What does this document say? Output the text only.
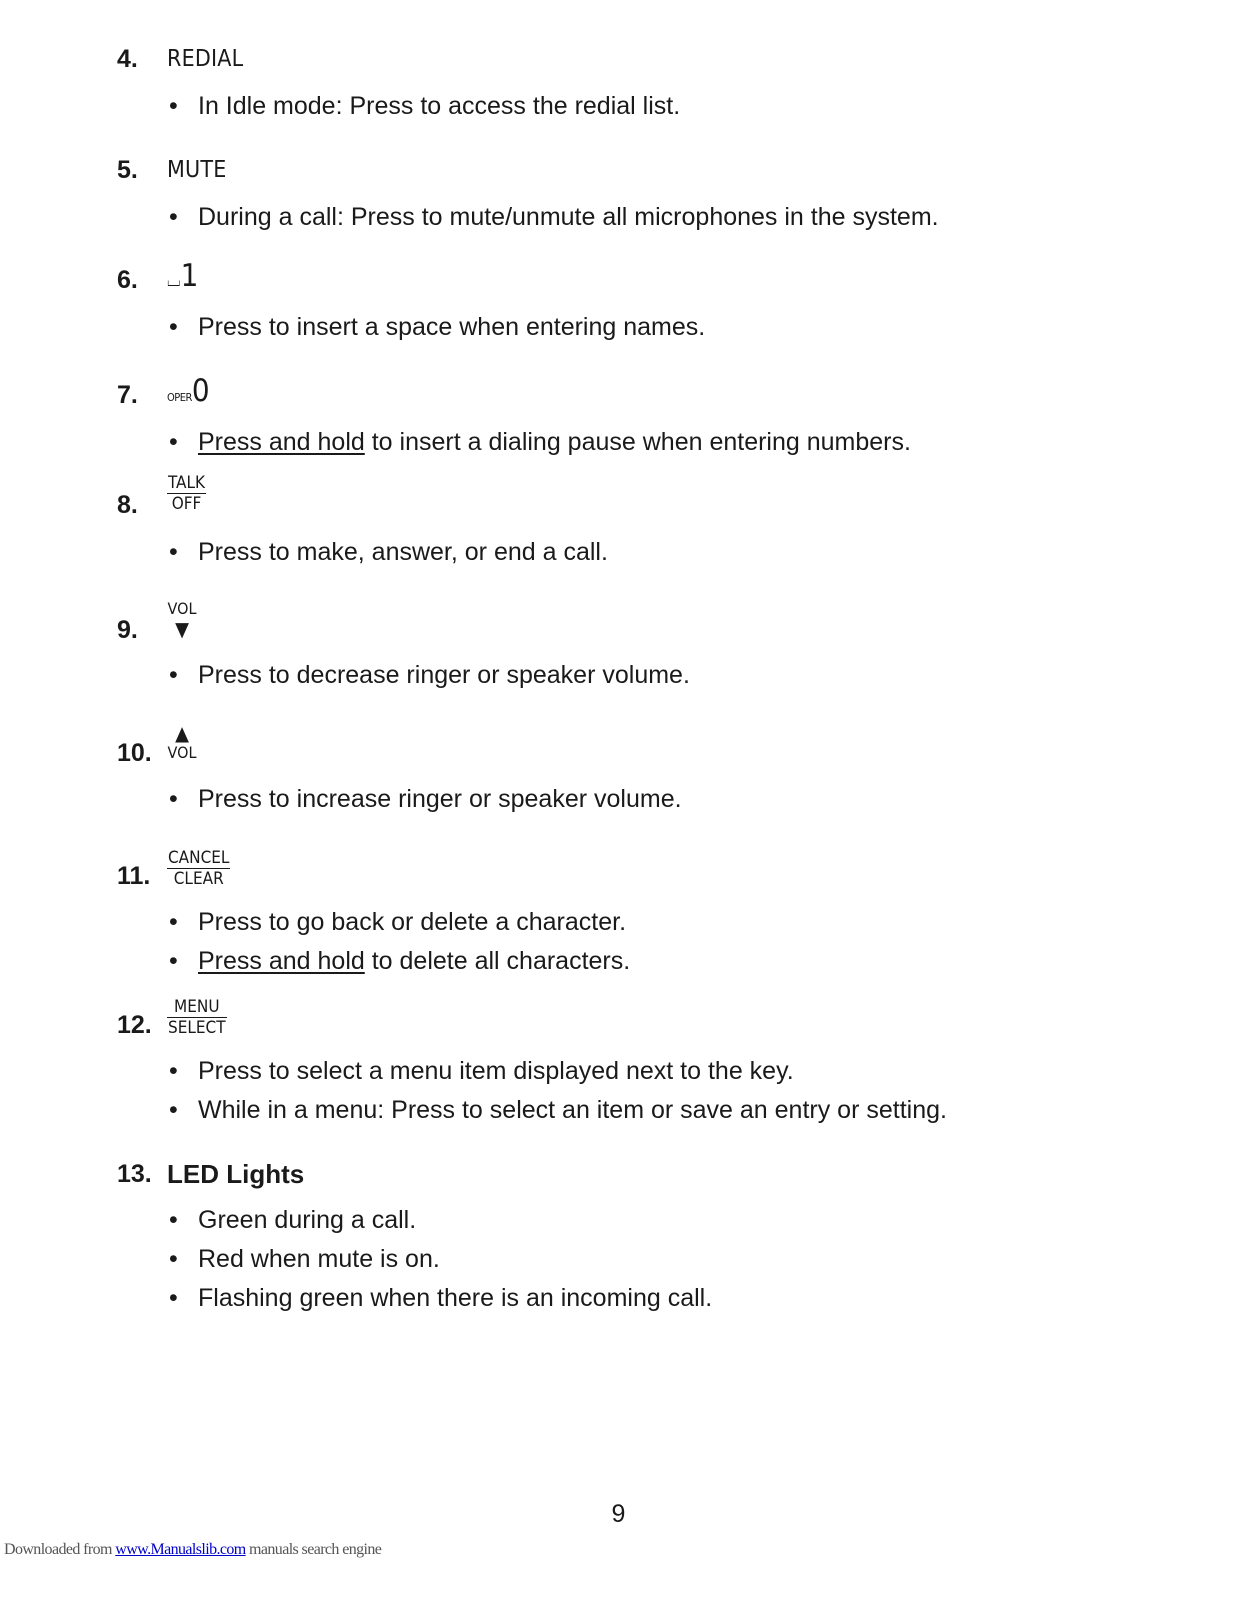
4. REDIAL
• In Idle mode: Press to access the redial list.
5. MUTE
• During a call: Press to mute/unmute all microphones in the system.
6. ⌴1
• Press to insert a space when entering names.
7.	OPER0
• Press and hold to insert a dialing pause when entering numbers.
8. $\frac{\text{TALK}}{\text{OFF}}$
• Press to make, answer, or end a call.
9.
VOL
▼
• Press to decrease ringer or speaker volume.
10.
▲
VOL
• Press to increase ringer or speaker volume.
11. $\frac{\text{CANCEL}}{\text{CLEAR}}$
• Press to go back or delete a character.
• Press and hold to delete all characters.
12. $\frac{\text{MENU}}{\text{SELECT}}$
• Press to select a menu item displayed next to the key.
• While in a menu: Press to select an item or save an entry or setting.
13. LED Lights
• Green during a call.
• Red when mute is on.
• Flashing green when there is an incoming call.
9
Downloaded from www.Manualslib.com manuals search engine
